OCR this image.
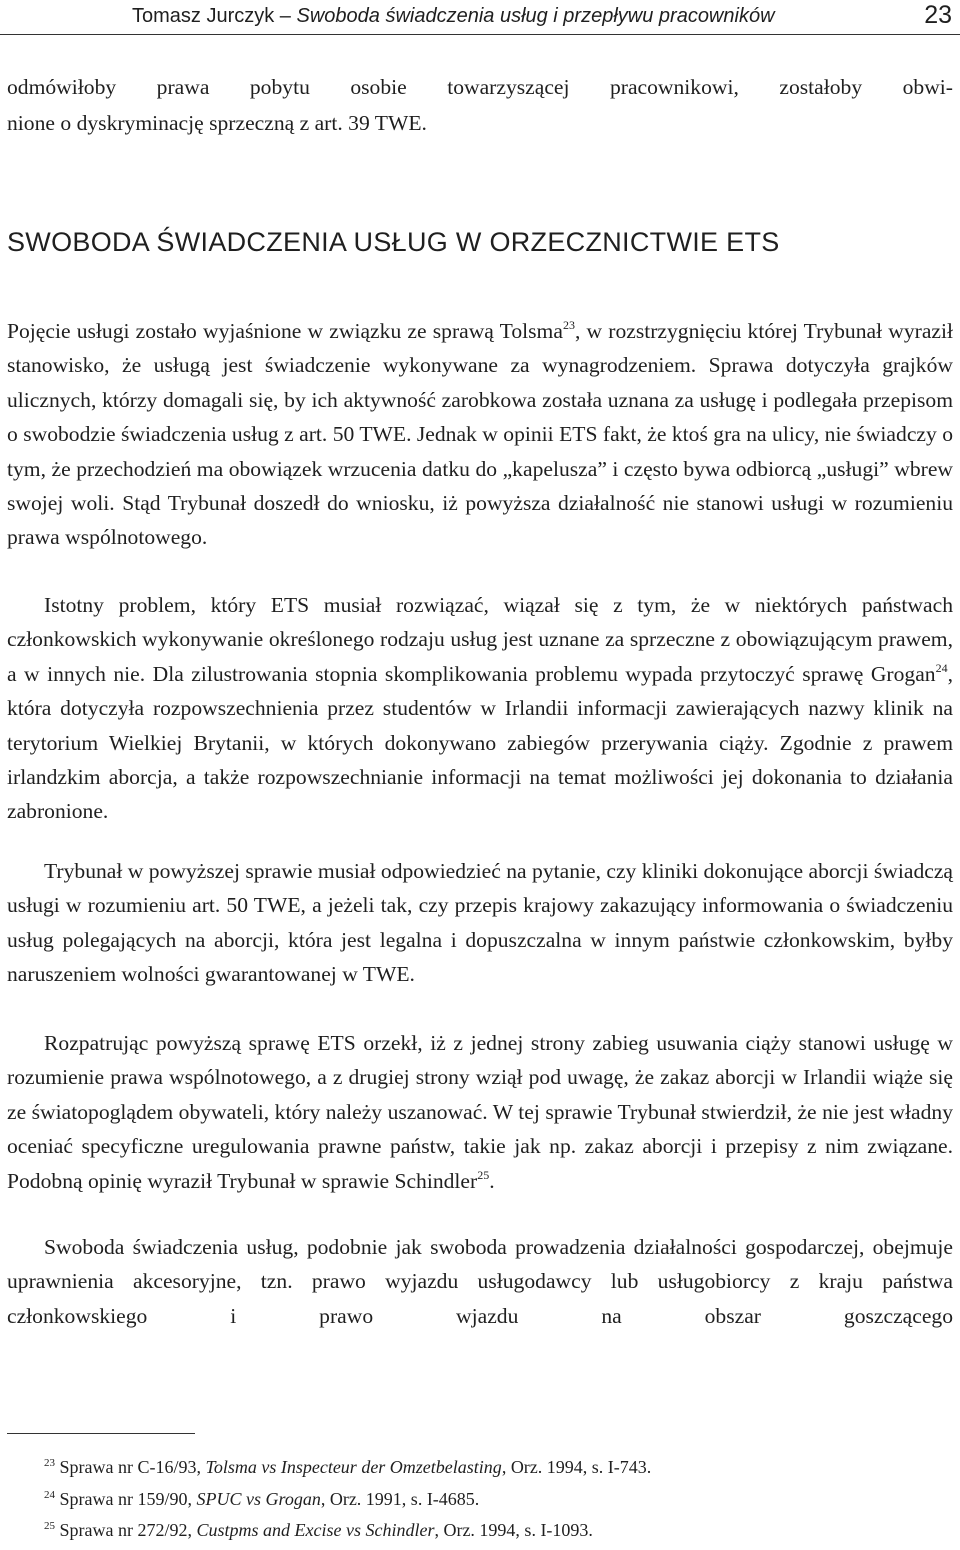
Tomasz Jurczyk – Swoboda świadczenia usług i przepływu pracowników	23
odmówiłoby prawa pobytu osobie towarzyszącej pracownikowi, zostałoby obwi-
nione o dyskryminację sprzeczną z art. 39 TWE.
SWOBODA ŚWIADCZENIA USŁUG W ORZECZNICTWIE ETS
Pojęcie usługi zostało wyjaśnione w związku ze sprawą Tolsma$^{23}$, w rozstrzygnięciu której Trybunał wyraził stanowisko, że usługą jest świadczenie wykonywane za wynagrodzeniem. Sprawa dotyczyła grajków ulicznych, którzy domagali się, by ich aktywność zarobkowa została uznana za usługę i podlegała przepisom o swobodzie świadczenia usług z art. 50 TWE. Jednak w opinii ETS fakt, że ktoś gra na ulicy, nie świadczy o tym, że przechodzień ma obowiązek wrzucenia datku do „kapelusza” i często bywa odbiorcą „usługi” wbrew swojej woli. Stąd Trybunał doszedł do wniosku, iż powyższa działalność nie stanowi usługi w rozumieniu prawa wspólnotowego.
Istotny problem, który ETS musiał rozwiązać, wiązał się z tym, że w niektórych państwach członkowskich wykonywanie określonego rodzaju usług jest uznane za sprzeczne z obowiązującym prawem, a w innych nie. Dla zilustrowania stopnia skomplikowania problemu wypada przytoczyć sprawę Grogan$^{24}$, która dotyczyła rozpowszechnienia przez studentów w Irlandii informacji zawierających nazwy klinik na terytorium Wielkiej Brytanii, w których dokonywano zabiegów przerywania ciąży. Zgodnie z prawem irlandzkim aborcja, a także rozpowszechnianie informacji na temat możliwości jej dokonania to działania zabronione.
Trybunał w powyższej sprawie musiał odpowiedzieć na pytanie, czy kliniki dokonujące aborcji świadczą usługi w rozumieniu art. 50 TWE, a jeżeli tak, czy przepis krajowy zakazujący informowania o świadczeniu usług polegających na aborcji, która jest legalna i dopuszczalna w innym państwie członkowskim, byłby naruszeniem wolności gwarantowanej w TWE.
Rozpatrując powyższą sprawę ETS orzekł, iż z jednej strony zabieg usuwania ciąży stanowi usługę w rozumienie prawa wspólnotowego, a z drugiej strony wziął pod uwagę, że zakaz aborcji w Irlandii wiąże się ze światopoglądem obywateli, który należy uszanować. W tej sprawie Trybunał stwierdził, że nie jest władny oceniać specyficzne uregulowania prawne państw, takie jak np. zakaz aborcji i przepisy z nim związane. Podobną opinię wyraził Trybunał w sprawie Schindler$^{25}$.
Swoboda świadczenia usług, podobnie jak swoboda prowadzenia działalności gospodarczej, obejmuje uprawnienia akcesoryjne, tzn. prawo wyjazdu usługodawcy lub usługobiorcy z kraju państwa członkowskiego i prawo wjazdu na obszar goszczącego
$^{23}$ Sprawa nr C-16/93, Tolsma vs Inspecteur der Omzetbelasting, Orz. 1994, s. I-743.
$^{24}$ Sprawa nr 159/90, SPUC vs Grogan, Orz. 1991, s. I-4685.
$^{25}$ Sprawa nr 272/92, Custpms and Excise vs Schindler, Orz. 1994, s. I-1093.
